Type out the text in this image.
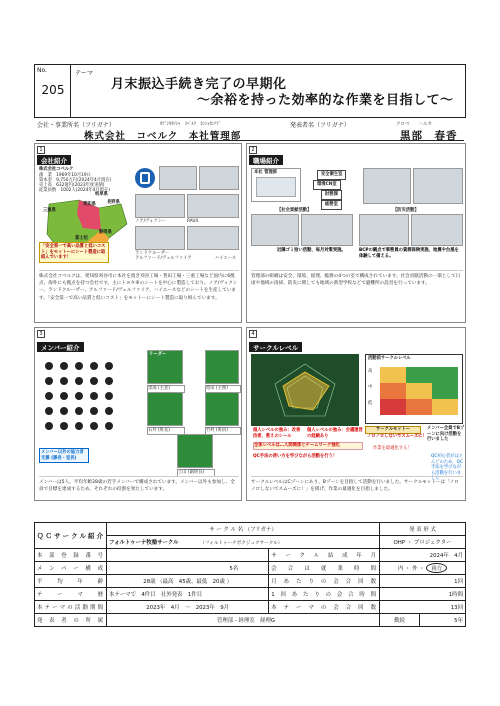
No.
205
テーマ
月末振込手続き完了の早期化
～余裕を持った効率的な作業を目指して～
会社・事業所名（フリガナ）	ｶﾌﾞｼｷｶｲｼｬ　ｺﾍﾞﾙｸ　ﾎﾝｼｬｶﾝﾘﾌﾞ
株式会社　コベルク　本社管理部
発表者名（フリガナ）	クロベ　　ハルカ
黒部　春香
1
会社紹介
株式会社コベルク
創　業　1969年10月19日
資本金　9,750万円(2024年4月現在)
売上高　632億円(2023年度実績)
従業員数　1002人(2024年4月現在)
三重県
愛知県
岐阜県
長野県
静岡県
富士松
「安全第一で高い品質と低いコスト」をモットーにシート製造に取組んでいます！
ノア/ヴォクシー	RAV4
ランドクルーザー
アルファード/ヴェルファイア	ハイエース
株式会社コベルクは、愛知県刈谷市に本社を置き刈谷工場・豊田工場・三重工場など国内に6拠点、海外にも拠点を持つ会社です。主にトヨタ車のシートを中心に製造しており、ノア/ヴォクシー、ランドクルーザー、アルファード/ヴェルファイア、ハイエースなどのシートを生産しています。「安全第一で高い品質と低いコスト」をモットーにシート製造に取り組んでいます。
2
職場紹介
本社 管理部	安全衛生室
環境CN室
財務課
総務室
【社会貢献活動】	【防災活動】
近隣ゴミ拾い活動、毎月対策実施。	BCPの観点で事務員の資源保険実施、地震や台風を体験して備える。
管理部の組織は安全、環境、経理、総務の4つの室で構成されています。社会貢献活動の一環として日頃や地域の清掃、防災に関しても地域の新型学校などで避難所の設営を行っています。
3
メンバー紹介
メンバー以外の協力者 支援 (課長・室長)
リーダー
黒部 (主査)	原田 (主務)
石井 (班長)	竹村 (班員)
上山 (副班長)
メンバーは5人。平均年齢28歳の若手メンバーで構成されています。メンバー以外も参加し、全員で目標を達成するため、それぞれの役割を果たしています。
4
サークルレベル
活動前サークルレベル
高
中
低
個人レベルの強み：改善技術、教えのシール
個人レベルの強み：会議運営の経験あり
全体レベルは…人間関係とチームワーク強化
QC手法の使い方を学びながら活動を行う！
サークルモットー
ノロノロしないでスムーズに！
作業を最適化する！
メンバー全員でBゾーンに向け活動を行いました
QC初心者がほとんどのため、QC手法を学びながら活動を行いました
サークルレベルはCゾーンにあり、Bゾーンを目指して活動を行いました。サークルモットーは「ノロノロしないでスムーズに！」を掲げ、作業の最適化を目指しました。
ＱＣサークル紹介	サ ー ク ル 名 （フリガナ）		発 表 形 式	
	フォルトゥーナ牧塾サークル （フォルトゥーナボクジュクサークル）		OHP ・ プロジェクター	
本 部 登 録 番 号		サークル結成年月	2024年　4月	
メンバー構成	5名	会 合 は 就 業 時 間	内 ・ 外 ・ 両方	
平　均　年　齢	28歳 （最高　45歳、最低　20歳 ）	月あたりの会合回数	1回	
テ ー マ 暦	本テーマで　4件目　社外発表　1件目	1回あたりの会合時間	1時間	
本テーマの活動期間	2023年　4月　～　2023年　9月	本テーマの会合回数	13回	
発 表 者 の 所 属	管理部 - 経理室　経理G		勤続	5年
